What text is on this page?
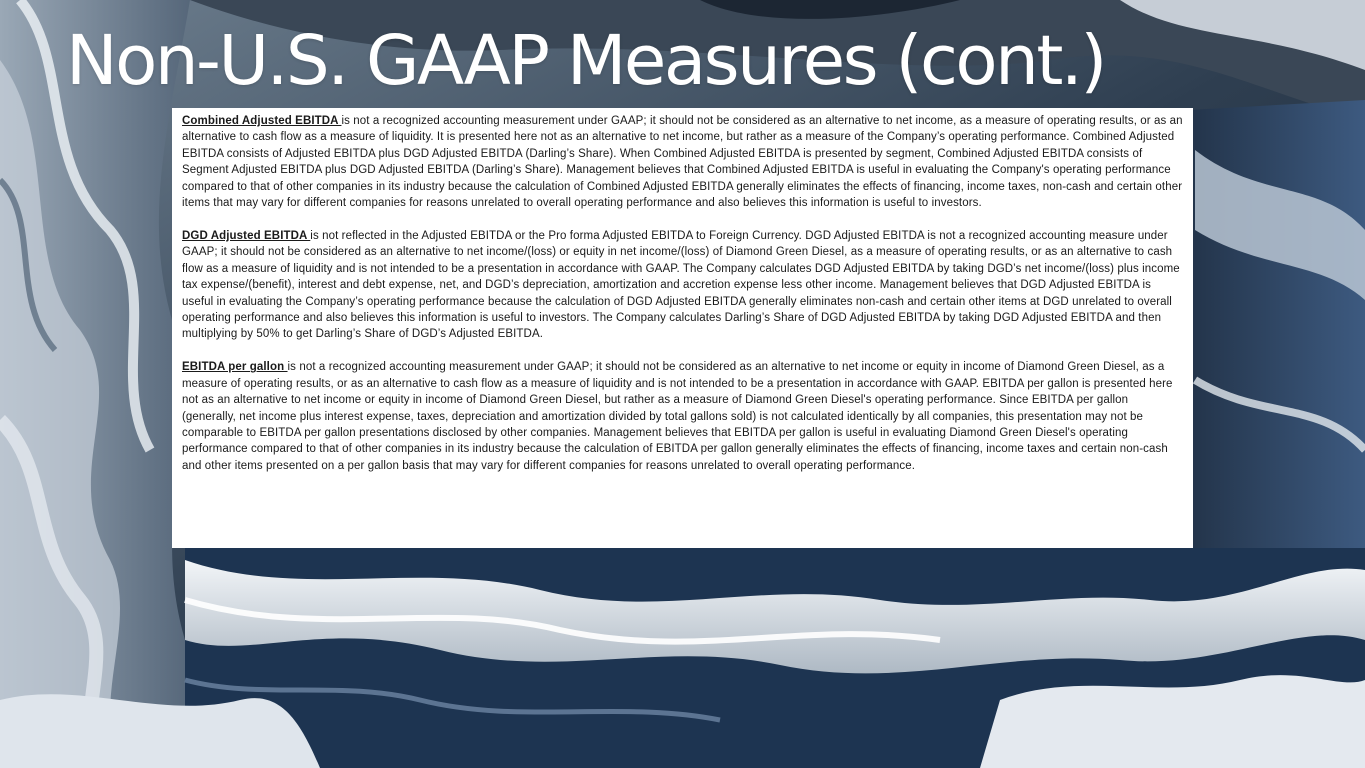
Non-U.S. GAAP Measures (cont.)

Combined Adjusted EBITDA is not a recognized accounting measurement under GAAP; it should not be considered as an alternative to net income, as a measure of operating results, or as an alternative to cash flow as a measure of liquidity. It is presented here not as an alternative to net income, but rather as a measure of the Company’s operating performance. Combined Adjusted EBITDA consists of Adjusted EBITDA plus DGD Adjusted EBITDA (Darling’s Share). When Combined Adjusted EBITDA is presented by segment, Combined Adjusted EBITDA consists of Segment Adjusted EBITDA plus DGD Adjusted EBITDA (Darling’s Share). Management believes that Combined Adjusted EBITDA is useful in evaluating the Company's operating performance compared to that of other companies in its industry because the calculation of Combined Adjusted EBITDA generally eliminates the effects of financing, income taxes, non-cash and certain other items that may vary for different companies for reasons unrelated to overall operating performance and also believes this information is useful to investors.

DGD Adjusted EBITDA is not reflected in the Adjusted EBITDA or the Pro forma Adjusted EBITDA to Foreign Currency. DGD Adjusted EBITDA is not a recognized accounting measure under GAAP; it should not be considered as an alternative to net income/(loss) or equity in net income/(loss) of Diamond Green Diesel, as a measure of operating results, or as an alternative to cash flow as a measure of liquidity and is not intended to be a presentation in accordance with GAAP. The Company calculates DGD Adjusted EBITDA by taking DGD’s net income/(loss) plus income tax expense/(benefit), interest and debt expense, net, and DGD’s depreciation, amortization and accretion expense less other income. Management believes that DGD Adjusted EBITDA is useful in evaluating the Company’s operating performance because the calculation of DGD Adjusted EBITDA generally eliminates non-cash and certain other items at DGD unrelated to overall operating performance and also believes this information is useful to investors. The Company calculates Darling’s Share of DGD Adjusted EBITDA by taking DGD Adjusted EBITDA and then multiplying by 50% to get Darling’s Share of DGD’s Adjusted EBITDA.

EBITDA per gallon is not a recognized accounting measurement under GAAP; it should not be considered as an alternative to net income or equity in income of Diamond Green Diesel, as a measure of operating results, or as an alternative to cash flow as a measure of liquidity and is not intended to be a presentation in accordance with GAAP. EBITDA per gallon is presented here not as an alternative to net income or equity in income of Diamond Green Diesel, but rather as a measure of Diamond Green Diesel's operating performance. Since EBITDA per gallon (generally, net income plus interest expense, taxes, depreciation and amortization divided by total gallons sold) is not calculated identically by all companies, this presentation may not be comparable to EBITDA per gallon presentations disclosed by other companies. Management believes that EBITDA per gallon is useful in evaluating Diamond Green Diesel's operating performance compared to that of other companies in its industry because the calculation of EBITDA per gallon generally eliminates the effects of financing, income taxes and certain non-cash and other items presented on a per gallon basis that may vary for different companies for reasons unrelated to overall operating performance.
